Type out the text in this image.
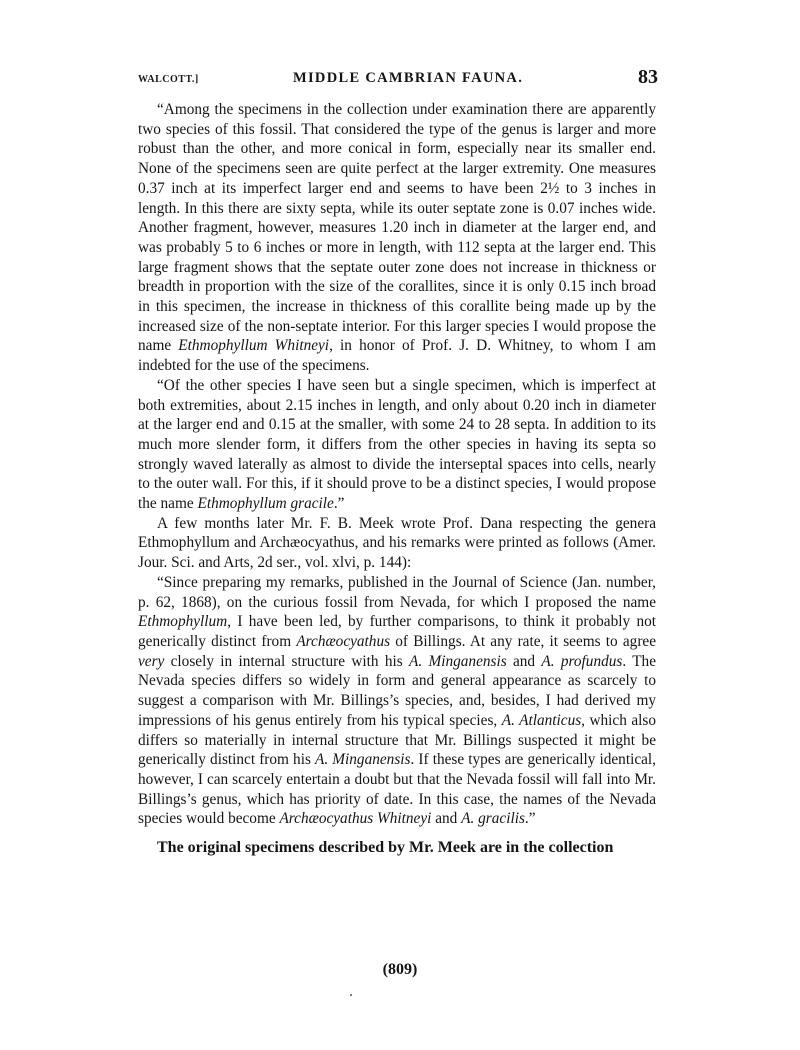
WALCOTT.]	MIDDLE CAMBRIAN FAUNA.	83

“Among the specimens in the collection under examination there are apparently two species of this fossil. That considered the type of the genus is larger and more robust than the other, and more conical in form, especially near its smaller end. None of the specimens seen are quite perfect at the larger extremity. One measures 0.37 inch at its imperfect larger end and seems to have been 2½ to 3 inches in length. In this there are sixty septa, while its outer septate zone is 0.07 inches wide. Another fragment, however, measures 1.20 inch in diameter at the larger end, and was probably 5 to 6 inches or more in length, with 112 septa at the larger end. This large fragment shows that the septate outer zone does not increase in thickness or breadth in proportion with the size of the corallites, since it is only 0.15 inch broad in this specimen, the increase in thickness of this corallite being made up by the increased size of the non-septate interior. For this larger species I would propose the name Ethmophyllum Whitneyi, in honor of Prof. J. D. Whitney, to whom I am indebted for the use of the specimens.

“Of the other species I have seen but a single specimen, which is imperfect at both extremities, about 2.15 inches in length, and only about 0.20 inch in diameter at the larger end and 0.15 at the smaller, with some 24 to 28 septa. In addition to its much more slender form, it differs from the other species in having its septa so strongly waved laterally as almost to divide the interseptal spaces into cells, nearly to the outer wall. For this, if it should prove to be a distinct species, I would propose the name Ethmophyllum gracile.”

A few months later Mr. F. B. Meek wrote Prof. Dana respecting the genera Ethmophyllum and Archæocyathus, and his remarks were printed as follows (Amer. Jour. Sci. and Arts, 2d ser., vol. xlvi, p. 144):

“Since preparing my remarks, published in the Journal of Science (Jan. number, p. 62, 1868), on the curious fossil from Nevada, for which I proposed the name Ethmophyllum, I have been led, by further comparisons, to think it probably not generically distinct from Archæocyathus of Billings. At any rate, it seems to agree very closely in internal structure with his A. Minganensis and A. profundus. The Nevada species differs so widely in form and general appearance as scarcely to suggest a comparison with Mr. Billings’s species, and, besides, I had derived my impressions of his genus entirely from his typical species, A. Atlanticus, which also differs so materially in internal structure that Mr. Billings suspected it might be generically distinct from his A. Minganensis. If these types are generically identical, however, I can scarcely entertain a doubt but that the Nevada fossil will fall into Mr. Billings’s genus, which has priority of date. In this case, the names of the Nevada species would become Archæocyathus Whitneyi and A. gracilis.”

The original specimens described by Mr. Meek are in the collection

(809)
